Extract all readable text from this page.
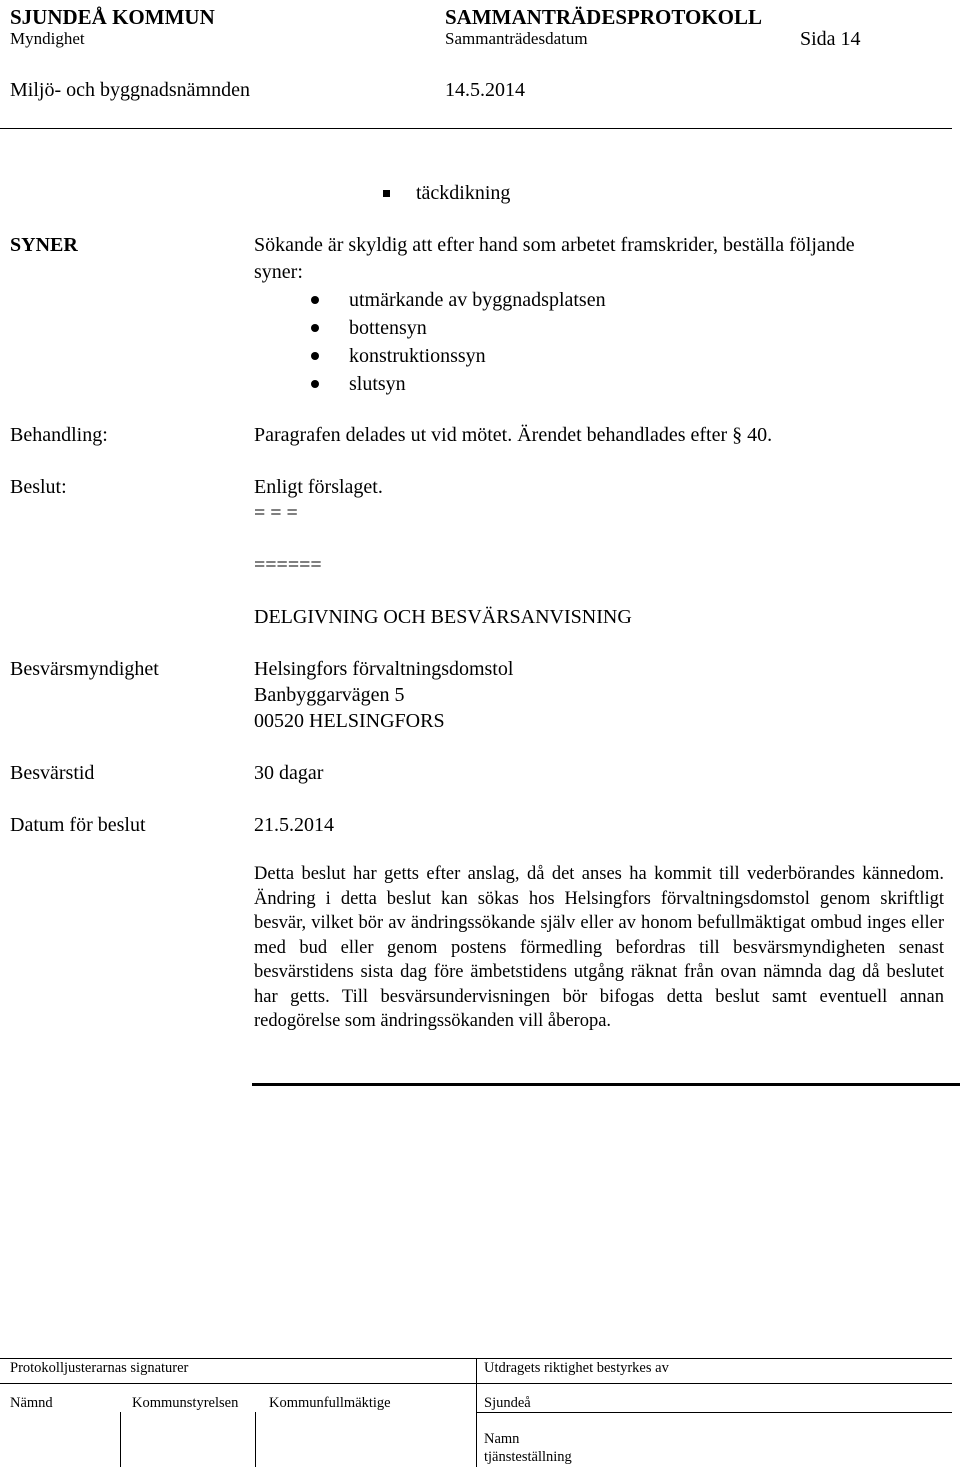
SJUNDEÅ KOMMUN	SAMMANTRÄDESPROTOKOLL
Myndighet	Sammanträdesdatum	Sida 14
Miljö- och byggnadsnämnden	14.5.2014
täckdikning
SYNER	Sökande är skyldig att efter hand som arbetet framskrider, beställa följande
syner:
utmärkande av byggnadsplatsen
bottensyn
konstruktionssyn
slutsyn
Behandling:	Paragrafen delades ut vid mötet. Ärendet behandlades efter § 40.
Beslut:	Enligt förslaget.
= = =
======
DELGIVNING OCH BESVÄRSANVISNING
Besvärsmyndighet	Helsingfors förvaltningsdomstol
Banbyggarvägen 5
00520 HELSINGFORS
Besvärstid	30 dagar
Datum för beslut	21.5.2014
Detta beslut har getts efter anslag, då det anses ha kommit till vederbörandes kännedom. Ändring i detta beslut kan sökas hos Helsingfors förvaltningsdomstol genom skriftligt besvär, vilket bör av ändringssökande själv eller av honom befullmäktigat ombud inges eller med bud eller genom postens förmedling befordras till besvärsmyndigheten senast besvärstidens sista dag före ämbetstidens utgång räknat från ovan nämnda dag då beslutet har getts. Till besvärsundervisningen bör bifogas detta beslut samt eventuell annan redogörelse som ändringssökanden vill åberopa.
Protokolljusterarnas signaturer	Utdragets riktighet bestyrkes av
Nämnd	Kommunstyrelsen Kommunfullmäktige	Sjundeå
Namn
tjänsteställning
